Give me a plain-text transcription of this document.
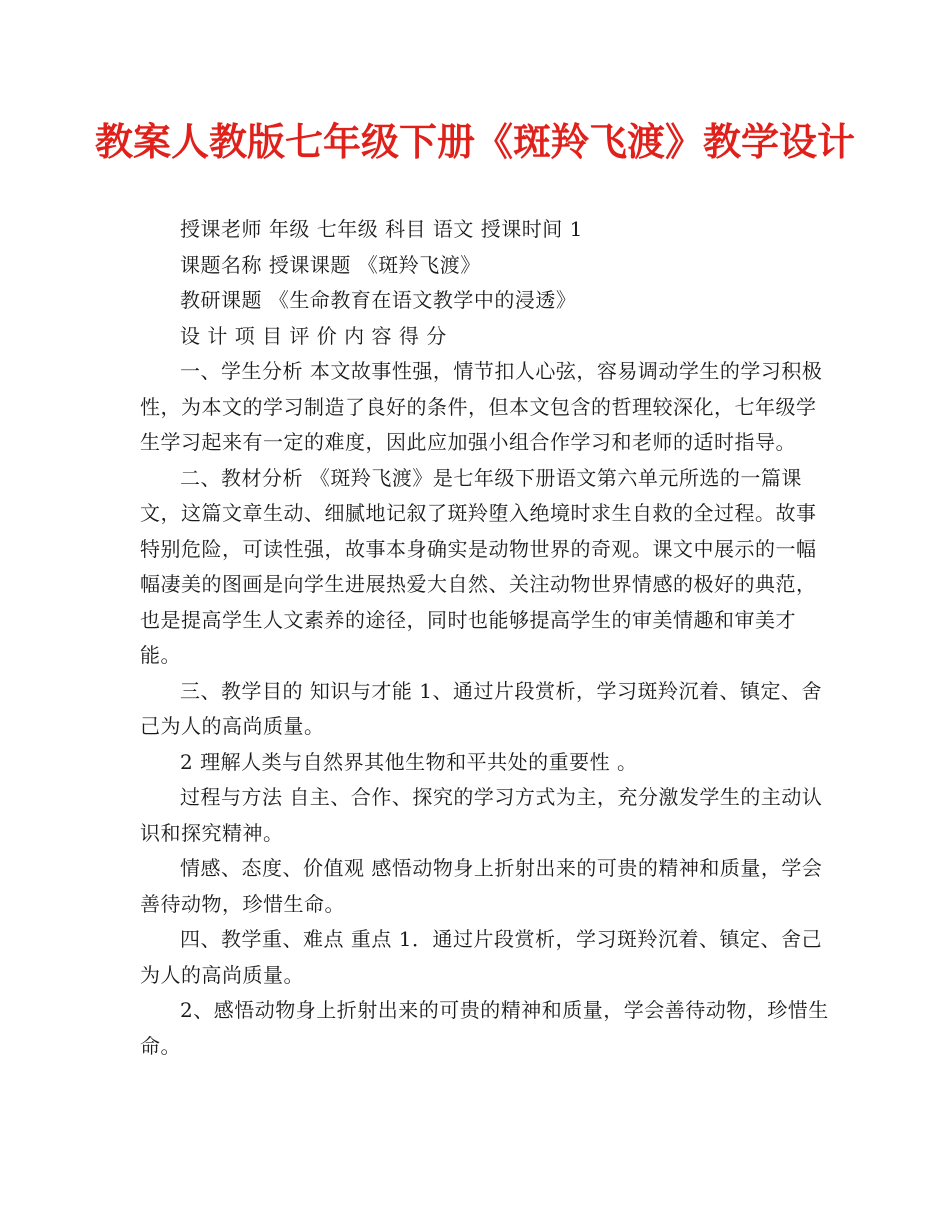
教案人教版七年级下册《斑羚飞渡》教学设计

授课老师 年级 七年级 科目 语文 授课时间 1

课题名称 授课课题 《斑羚飞渡》

教研课题 《生命教育在语文教学中的浸透》

设 计 项 目 评 价 内 容 得 分

一、学生分析 本文故事性强，情节扣人心弦，容易调动学生的学习积极性，为本文的学习制造了良好的条件，但本文包含的哲理较深化，七年级学生学习起来有一定的难度，因此应加强小组合作学习和老师的适时指导。

二、教材分析 《斑羚飞渡》是七年级下册语文第六单元所选的一篇课文，这篇文章生动、细腻地记叙了斑羚堕入绝境时求生自救的全过程。故事特别危险，可读性强，故事本身确实是动物世界的奇观。课文中展示的一幅幅凄美的图画是向学生进展热爱大自然、关注动物世界情感的极好的典范，也是提高学生人文素养的途径，同时也能够提高学生的审美情趣和审美才能。

三、教学目的 知识与才能 1、通过片段赏析，学习斑羚沉着、镇定、舍己为人的高尚质量。

2 理解人类与自然界其他生物和平共处的重要性 。

过程与方法 自主、合作、探究的学习方式为主，充分激发学生的主动认识和探究精神。

情感、态度、价值观 感悟动物身上折射出来的可贵的精神和质量，学会善待动物，珍惜生命。

四、教学重、难点 重点 1．通过片段赏析，学习斑羚沉着、镇定、舍己为人的高尚质量。

2、感悟动物身上折射出来的可贵的精神和质量，学会善待动物，珍惜生命。
